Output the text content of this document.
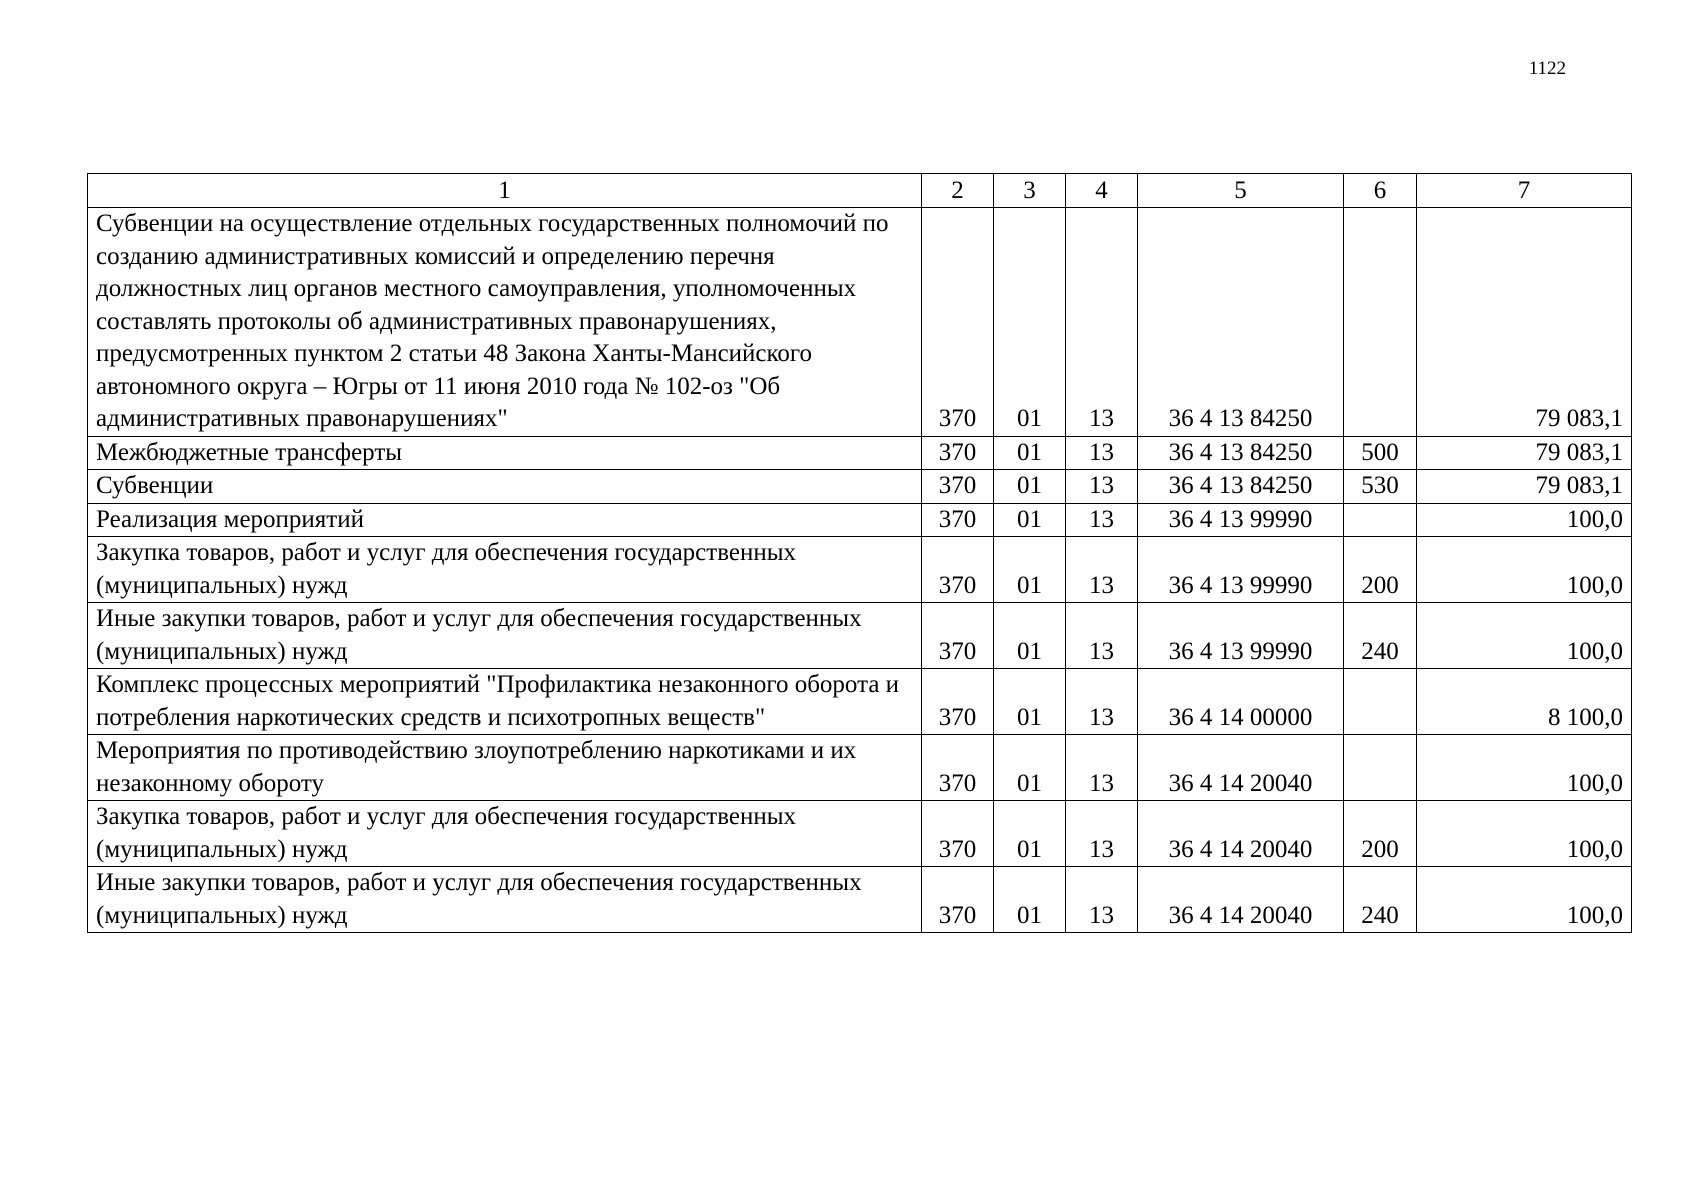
1122
1	2	3	4	5	6	7
Субвенции на осуществление отдельных государственных полномочий по созданию административных комиссий и определению перечня должностных лиц органов местного самоуправления, уполномоченных составлять протоколы об административных правонарушениях, предусмотренных пунктом 2 статьи 48 Закона Ханты-Мансийского автономного округа – Югры от 11 июня 2010 года № 102-оз "Об административных правонарушениях"	370	01	13	36 4 13 84250		79 083,1
Межбюджетные трансферты	370	01	13	36 4 13 84250	500	79 083,1
Субвенции	370	01	13	36 4 13 84250	530	79 083,1
Реализация мероприятий	370	01	13	36 4 13 99990		100,0
Закупка товаров, работ и услуг для обеспечения государственных (муниципальных) нужд	370	01	13	36 4 13 99990	200	100,0
Иные закупки товаров, работ и услуг для обеспечения государственных (муниципальных) нужд	370	01	13	36 4 13 99990	240	100,0
Комплекс процессных мероприятий "Профилактика незаконного оборота и потребления наркотических средств и психотропных веществ"	370	01	13	36 4 14 00000		8 100,0
Мероприятия по противодействию злоупотреблению наркотиками и их незаконному обороту	370	01	13	36 4 14 20040		100,0
Закупка товаров, работ и услуг для обеспечения государственных (муниципальных) нужд	370	01	13	36 4 14 20040	200	100,0
Иные закупки товаров, работ и услуг для обеспечения государственных (муниципальных) нужд	370	01	13	36 4 14 20040	240	100,0
